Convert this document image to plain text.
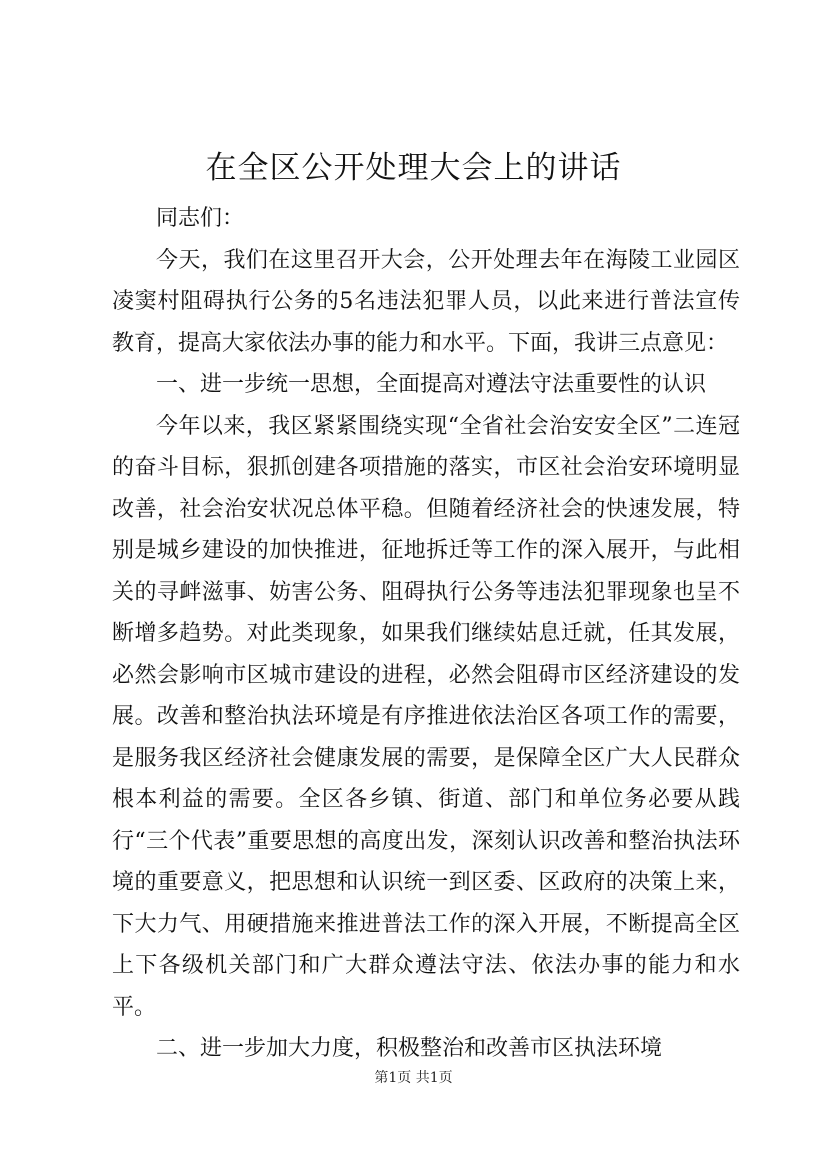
在全区公开处理大会上的讲话

同志们：

今天，我们在这里召开大会，公开处理去年在海陵工业园区凌窦村阻碍执行公务的5名违法犯罪人员，以此来进行普法宣传教育，提高大家依法办事的能力和水平。下面，我讲三点意见：

一、进一步统一思想，全面提高对遵法守法重要性的认识

今年以来，我区紧紧围绕实现“全省社会治安安全区”二连冠的奋斗目标，狠抓创建各项措施的落实，市区社会治安环境明显改善，社会治安状况总体平稳。但随着经济社会的快速发展，特别是城乡建设的加快推进，征地拆迁等工作的深入展开，与此相关的寻衅滋事、妨害公务、阻碍执行公务等违法犯罪现象也呈不断增多趋势。对此类现象，如果我们继续姑息迁就，任其发展，必然会影响市区城市建设的进程，必然会阻碍市区经济建设的发展。改善和整治执法环境是有序推进依法治区各项工作的需要，是服务我区经济社会健康发展的需要，是保障全区广大人民群众根本利益的需要。全区各乡镇、街道、部门和单位务必要从践行“三个代表”重要思想的高度出发，深刻认识改善和整治执法环境的重要意义，把思想和认识统一到区委、区政府的决策上来，下大力气、用硬措施来推进普法工作的深入开展，不断提高全区上下各级机关部门和广大群众遵法守法、依法办事的能力和水平。

二、进一步加大力度，积极整治和改善市区执法环境

第1页 共1页
